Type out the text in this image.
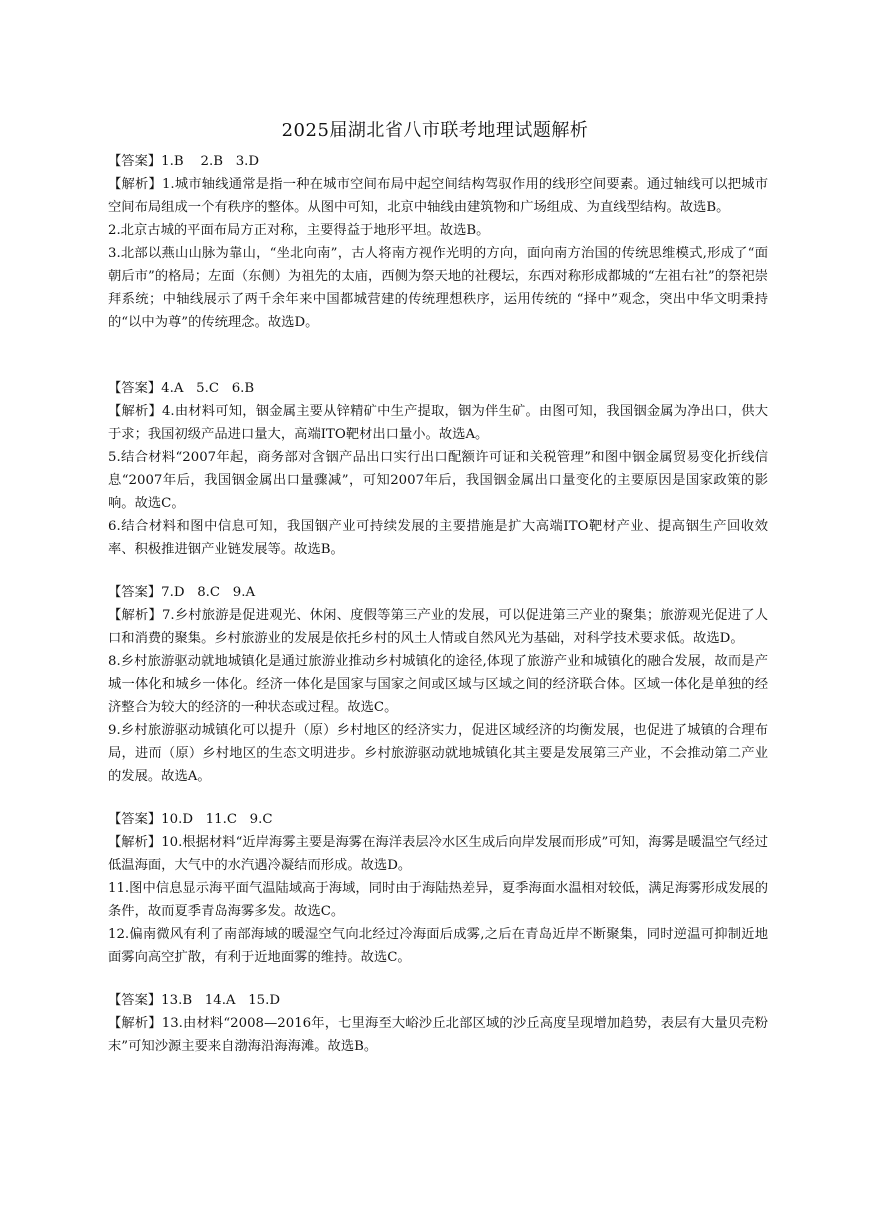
2025届湖北省八市联考地理试题解析

【答案】1.B    2.B   3.D

【解析】1.城市轴线通常是指一种在城市空间布局中起空间结构驾驭作用的线形空间要素。通过轴线可以把城市空间布局组成一个有秩序的整体。从图中可知，北京中轴线由建筑物和广场组成、为直线型结构。故选B。

2.北京古城的平面布局方正对称，主要得益于地形平坦。故选B。

3.北部以燕山山脉为靠山，“坐北向南”，古人将南方视作光明的方向，面向南方治国的传统思维模式,形成了“面朝后市”的格局；左面（东侧）为祖先的太庙，西侧为祭天地的社稷坛，东西对称形成都城的“左祖右社”的祭祀崇拜系统；中轴线展示了两千余年来中国都城营建的传统理想秩序，运用传统的 “择中”观念，突出中华文明秉持的“以中为尊”的传统理念。故选D。

【答案】4.A   5.C   6.B

【解析】4.由材料可知，铟金属主要从锌精矿中生产提取，铟为伴生矿。由图可知，我国铟金属为净出口，供大于求；我国初级产品进口量大，高端ITO靶材出口量小。故选A。

5.结合材料“2007年起，商务部对含铟产品出口实行出口配额许可证和关税管理”和图中铟金属贸易变化折线信息“2007年后，我国铟金属出口量骤减”，可知2007年后，我国铟金属出口量变化的主要原因是国家政策的影响。故选C。

6.结合材料和图中信息可知，我国铟产业可持续发展的主要措施是扩大高端ITO靶材产业、提高铟生产回收效率、积极推进铟产业链发展等。故选B。

【答案】7.D   8.C   9.A

【解析】7.乡村旅游是促进观光、休闲、度假等第三产业的发展，可以促进第三产业的聚集；旅游观光促进了人口和消费的聚集。乡村旅游业的发展是依托乡村的风土人情或自然风光为基础，对科学技术要求低。故选D。

8.乡村旅游驱动就地城镇化是通过旅游业推动乡村城镇化的途径,体现了旅游产业和城镇化的融合发展，故而是产城一体化和城乡一体化。经济一体化是国家与国家之间或区域与区域之间的经济联合体。区域一体化是单独的经济整合为较大的经济的一种状态或过程。故选C。

9.乡村旅游驱动城镇化可以提升（原）乡村地区的经济实力，促进区域经济的均衡发展，也促进了城镇的合理布局，进而（原）乡村地区的生态文明进步。乡村旅游驱动就地城镇化其主要是发展第三产业，不会推动第二产业的发展。故选A。

【答案】10.D   11.C   9.C

【解析】10.根据材料“近岸海雾主要是海雾在海洋表层冷水区生成后向岸发展而形成”可知，海雾是暖温空气经过低温海面，大气中的水汽遇冷凝结而形成。故选D。

11.图中信息显示海平面气温陆域高于海域，同时由于海陆热差异，夏季海面水温相对较低，满足海雾形成发展的条件，故而夏季青岛海雾多发。故选C。

12.偏南微风有利了南部海域的暖湿空气向北经过冷海面后成雾,之后在青岛近岸不断聚集，同时逆温可抑制近地面雾向高空扩散，有利于近地面雾的维持。故选C。

【答案】13.B   14.A   15.D

【解析】13.由材料“2008—2016年，七里海至大峪沙丘北部区域的沙丘高度呈现增加趋势，表层有大量贝壳粉末”可知沙源主要来自渤海沿海海滩。故选B。
